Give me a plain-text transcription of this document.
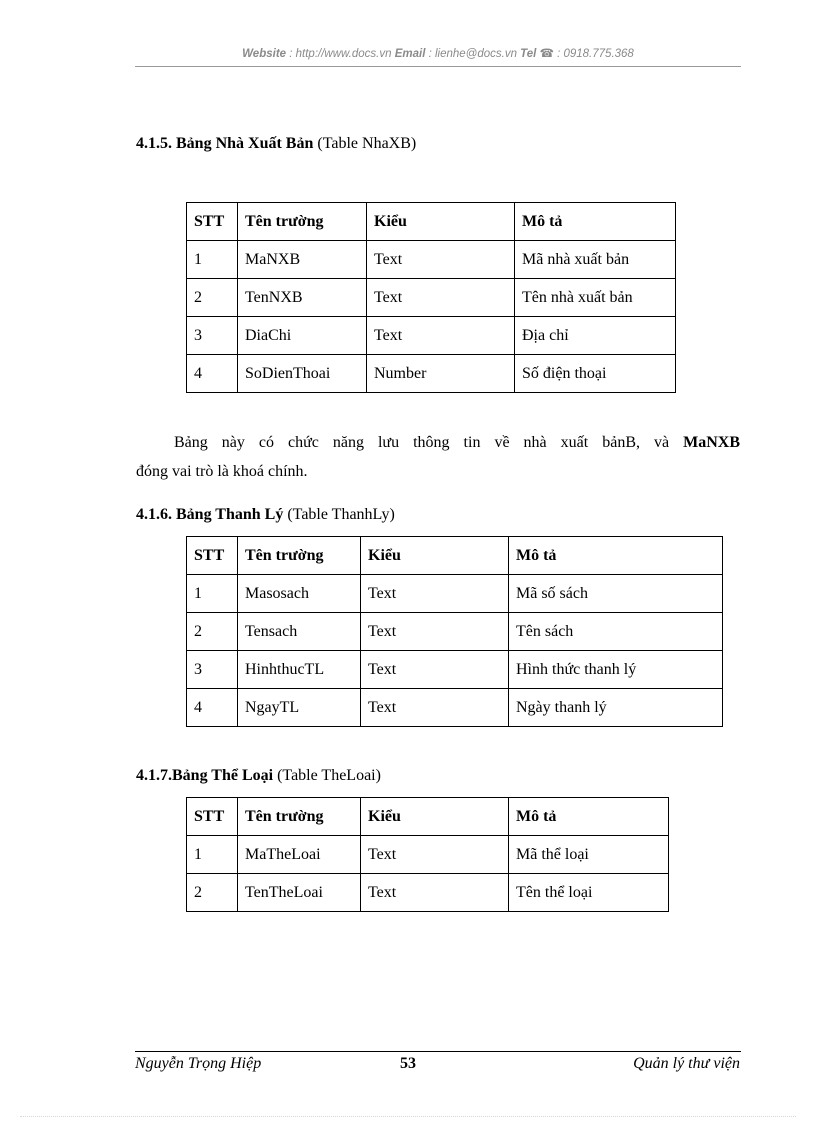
Website : http://www.docs.vn Email : lienhe@docs.vn Tel ☎ : 0918.775.368

4.1.5. Bảng Nhà Xuất Bản (Table NhaXB)

STT	Tên trường	Kiểu	Mô tả
1	MaNXB	Text	Mã nhà xuất bản
2	TenNXB	Text	Tên nhà xuất bản
3	DiaChi	Text	Địa chỉ
4	SoDienThoai	Number	Số điện thoại
Bảng này có chức năng lưu thông tin về nhà xuất bảnB, và MaNXB
đóng vai trò là khoá chính.

4.1.6. Bảng Thanh Lý (Table ThanhLy)

STT	Tên trường	Kiểu	Mô tả
1	Masosach	Text	Mã số sách
2	Tensach	Text	Tên sách
3	HinhthucTL	Text	Hình thức thanh lý
4	NgayTL	Text	Ngày thanh lý

4.1.7.Bảng Thể Loại (Table TheLoai)

STT	Tên trường	Kiểu	Mô tả
1	MaTheLoai	Text	Mã thể loại
2	TenTheLoai	Text	Tên thể loại
Nguyễn Trọng Hiệp	53	Quản lý thư viện
